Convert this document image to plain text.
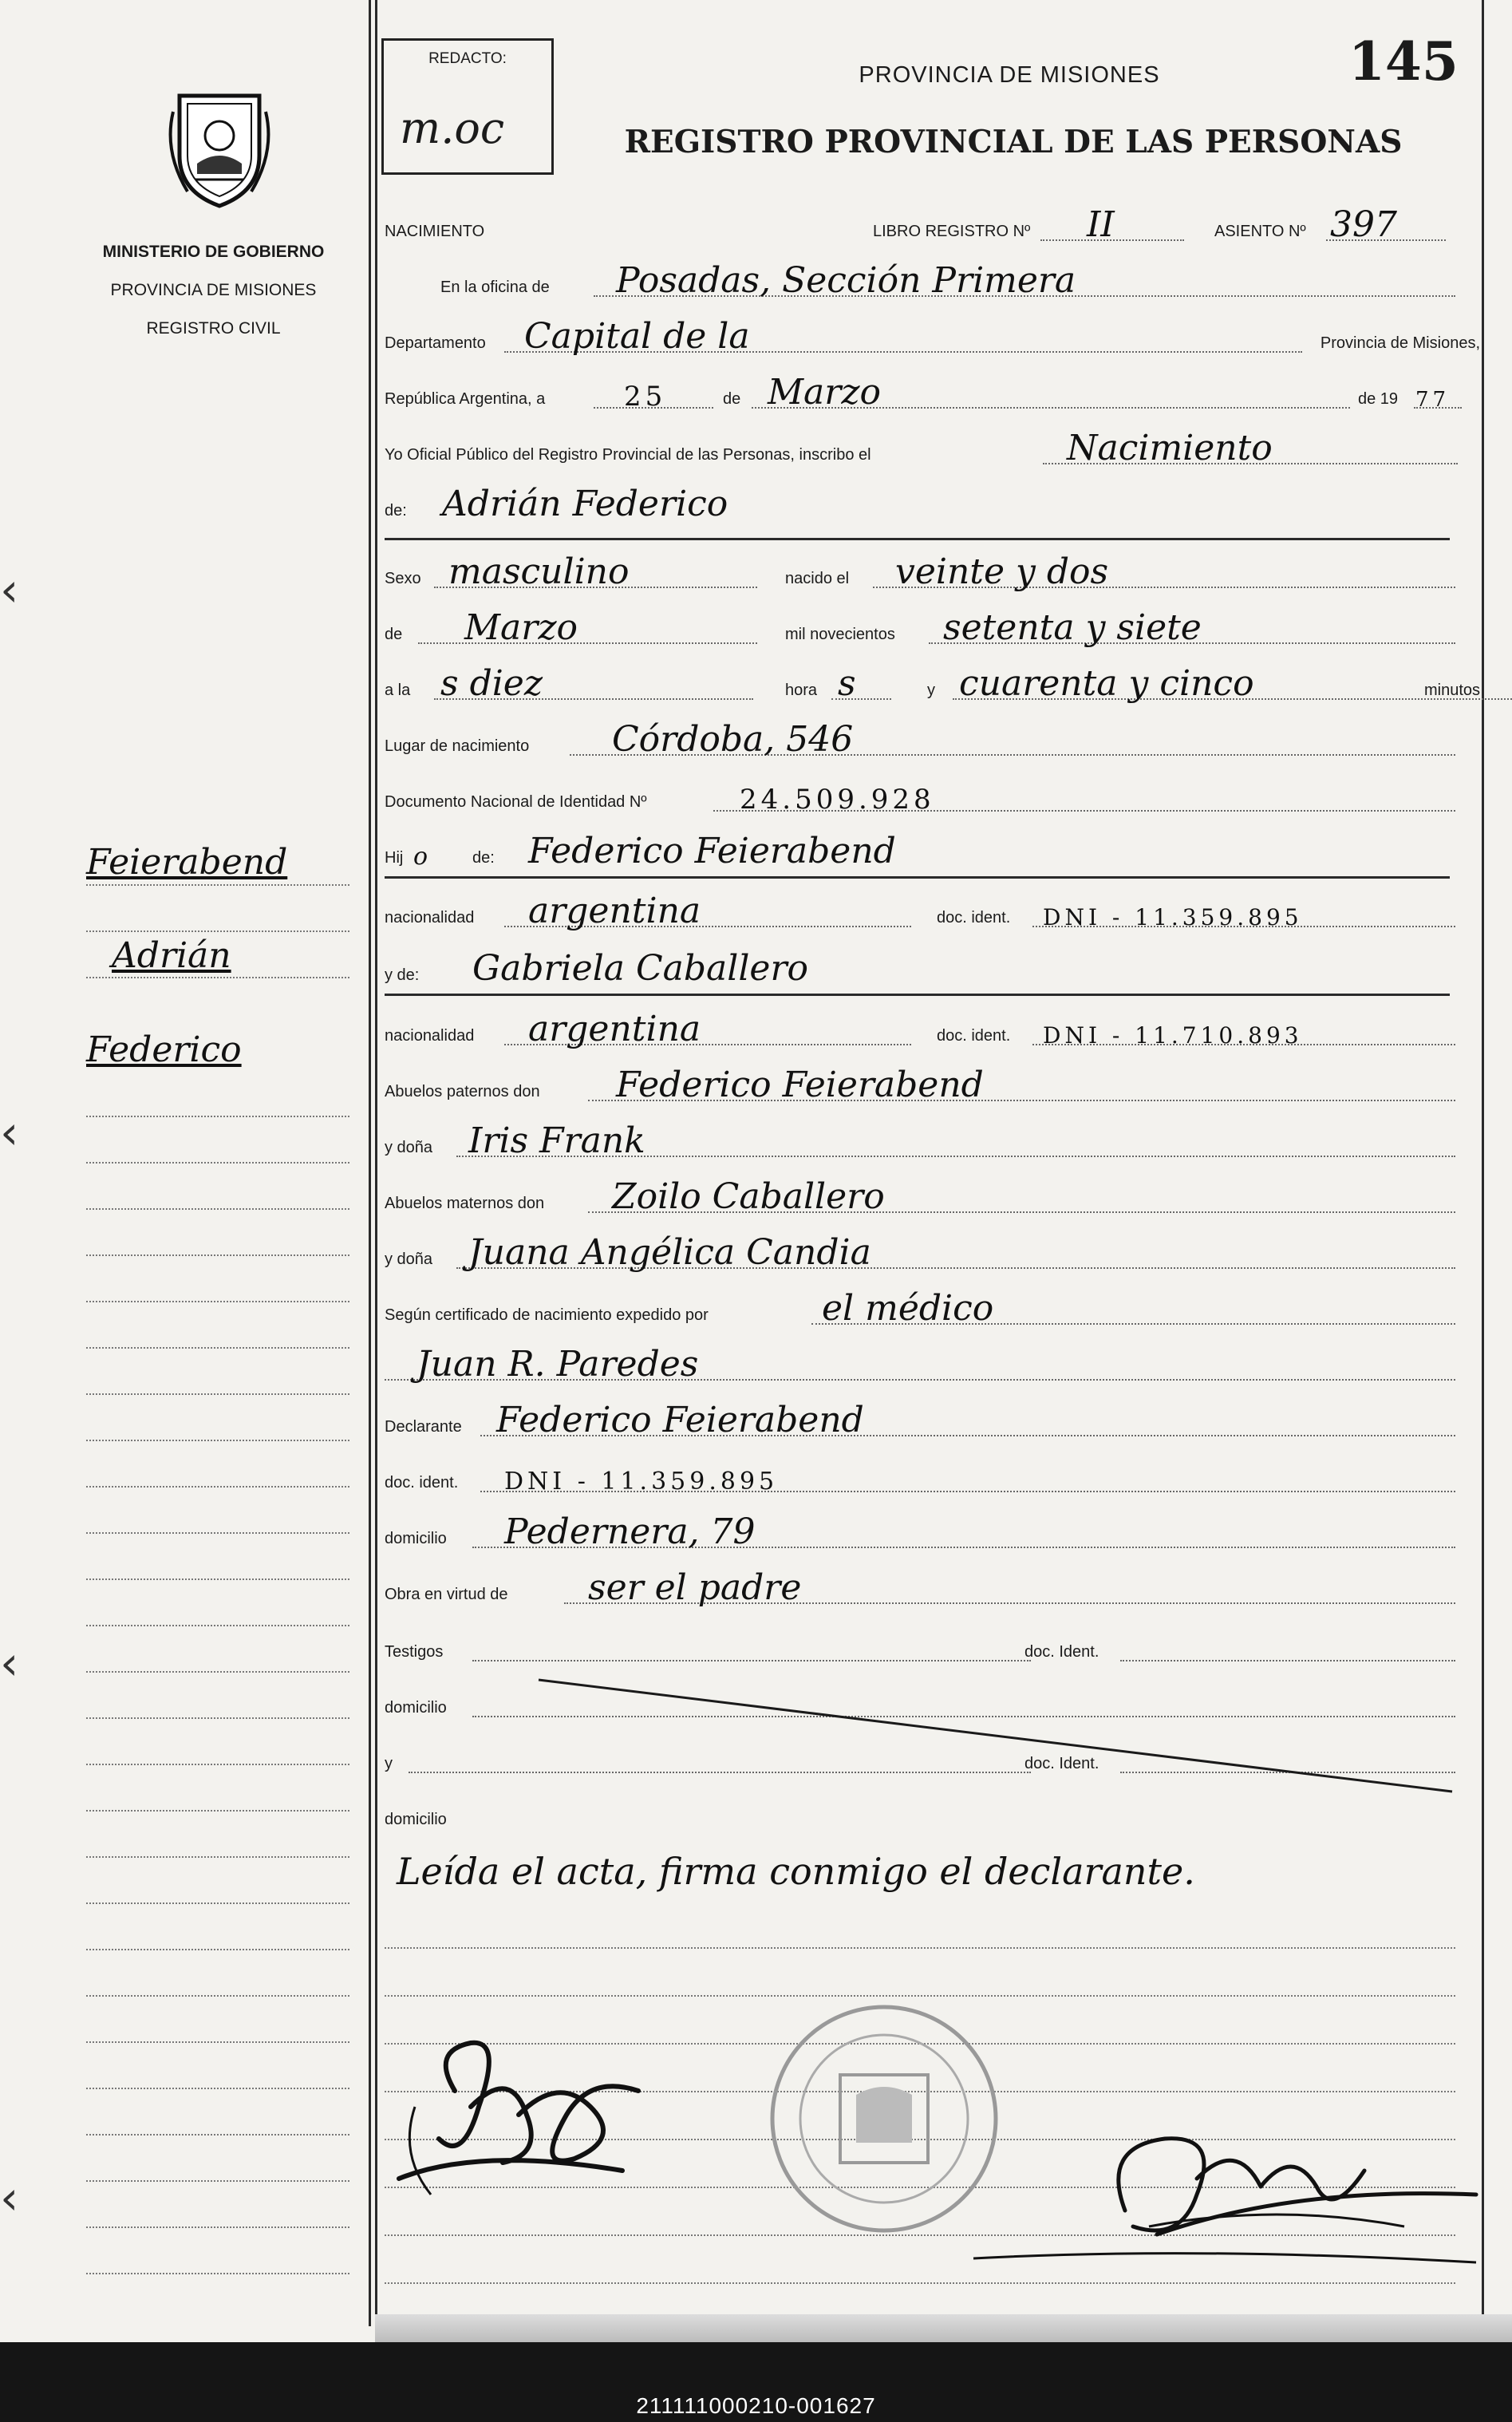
‹
‹
‹
‹
MINISTERIO DE GOBIERNO
PROVINCIA DE MISIONES
REGISTRO CIVIL
Feierabend
Adrián
Federico
REDACTO:
m.oc
145
PROVINCIA DE MISIONES
REGISTRO PROVINCIAL DE LAS PERSONAS
NACIMIENTO	LIBRO REGISTRO Nº II	ASIENTO Nº 397
En la oficina de Posadas, Sección Primera
Departamento Capital de la	Provincia de Misiones,
República Argentina, a	25	de Marzo	de 19 77
Yo Oficial Público del Registro Provincial de las Personas, inscribo el	Nacimiento
de: Adrián Federico
Sexo masculino	nacido el veinte y dos
de Marzo	mil novecientos setenta y siete
a la s diez	hora s	y cuarenta y cinco	minutos
Lugar de nacimiento Córdoba, 546
Documento Nacional de Identidad Nº	24.509.928
Hij o	de: Federico Feierabend
nacionalidad argentina	doc. ident. DNI - 11.359.895
y de: Gabriela Caballero
nacionalidad argentina	doc. ident. DNI - 11.710.893
Abuelos paternos don Federico Feierabend
y doña Iris Frank
Abuelos maternos don Zoilo Caballero
y doña Juana Angélica Candia
Según certificado de nacimiento expedido por	el médico
Juan R. Paredes
Declarante Federico Feierabend
doc. ident. DNI - 11.359.895
domicilio Pedernera, 79
Obra en virtud de ser el padre
Testigos	doc. Ident.
domicilio
y	doc. Ident.
domicilio
Leída el acta, firma conmigo el declarante.
211111000210-001627
